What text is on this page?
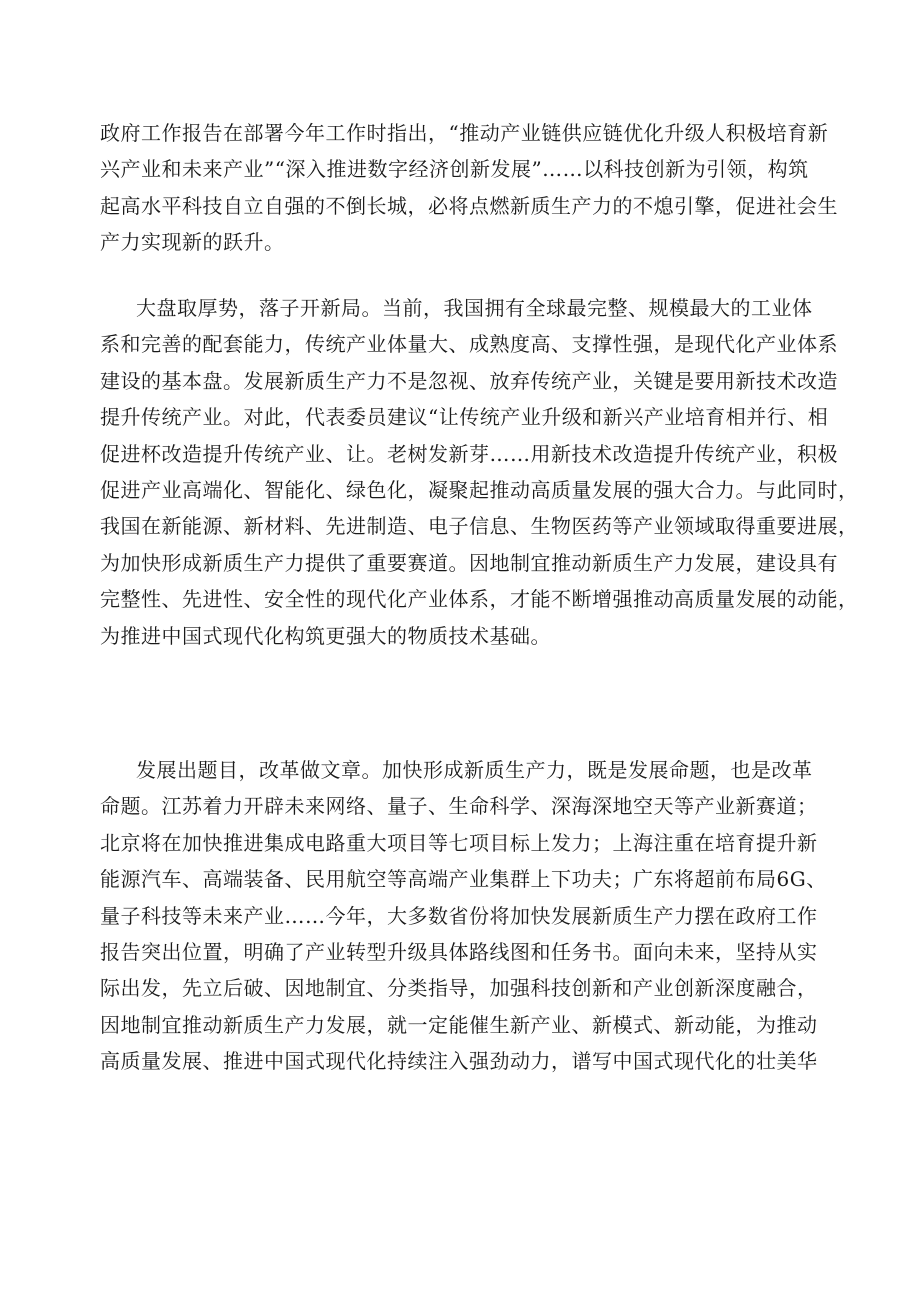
政府工作报告在部署今年工作时指出，“推动产业链供应链优化升级人积极培育新
兴产业和未来产业”“深入推进数字经济创新发展”……以科技创新为引领，构筑
起高水平科技自立自强的不倒长城，必将点燃新质生产力的不熄引擎，促进社会生
产力实现新的跃升。
大盘取厚势，落子开新局。当前，我国拥有全球最完整、规模最大的工业体
系和完善的配套能力，传统产业体量大、成熟度高、支撑性强，是现代化产业体系
建设的基本盘。发展新质生产力不是忽视、放弃传统产业，关键是要用新技术改造
提升传统产业。对此，代表委员建议“让传统产业升级和新兴产业培育相并行、相
促进杯改造提升传统产业、让。老树发新芽……用新技术改造提升传统产业，积极
促进产业高端化、智能化、绿色化，凝聚起推动高质量发展的强大合力。与此同时，
我国在新能源、新材料、先进制造、电子信息、生物医药等产业领域取得重要进展，
为加快形成新质生产力提供了重要赛道。因地制宜推动新质生产力发展，建设具有
完整性、先进性、安全性的现代化产业体系，才能不断增强推动高质量发展的动能，
为推进中国式现代化构筑更强大的物质技术基础。
发展出题目，改革做文章。加快形成新质生产力，既是发展命题，也是改革
命题。江苏着力开辟未来网络、量子、生命科学、深海深地空天等产业新赛道；
北京将在加快推进集成电路重大项目等七项目标上发力；上海注重在培育提升新
能源汽车、高端装备、民用航空等高端产业集群上下功夫；广东将超前布局6G、
量子科技等未来产业……今年，大多数省份将加快发展新质生产力摆在政府工作
报告突出位置，明确了产业转型升级具体路线图和任务书。面向未来，坚持从实
际出发，先立后破、因地制宜、分类指导，加强科技创新和产业创新深度融合，
因地制宜推动新质生产力发展，就一定能催生新产业、新模式、新动能，为推动
高质量发展、推进中国式现代化持续注入强劲动力，谱写中国式现代化的壮美华
